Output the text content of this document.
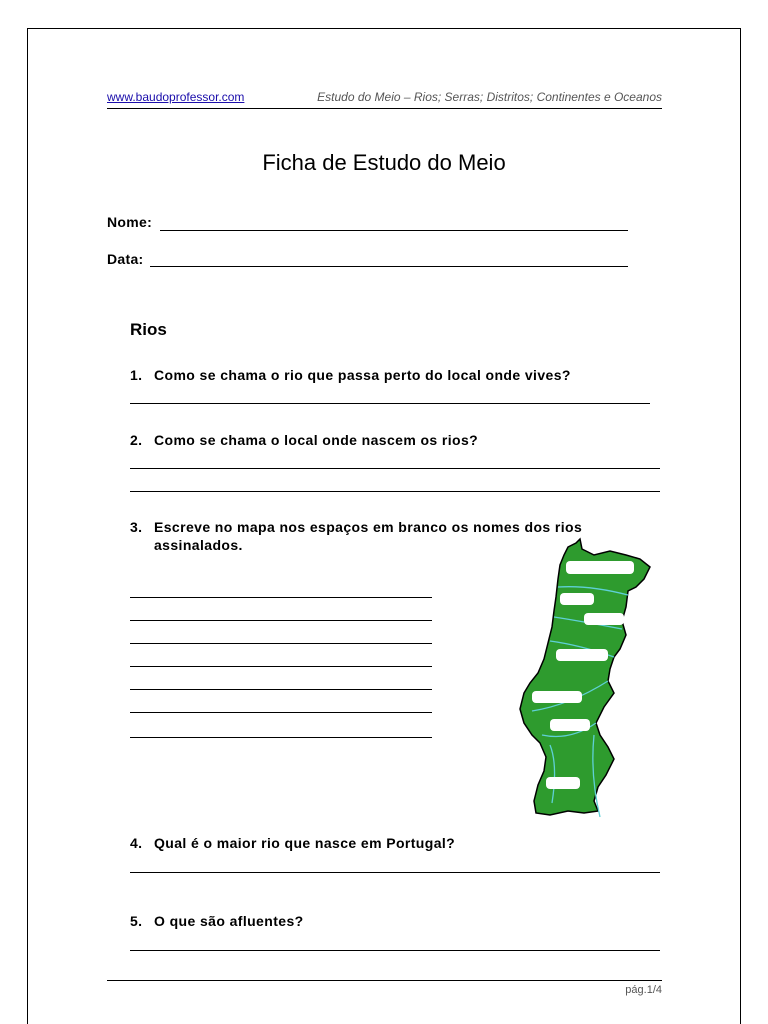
www.baudoprofessor.com	Estudo do Meio – Rios; Serras; Distritos; Continentes e Oceanos
Ficha de Estudo do Meio
Nome:
Data:
Rios
1. Como se chama o rio que passa perto do local onde vives?
2. Como se chama o local onde nascem os rios?
3. Escreve no mapa nos espaços em branco os nomes dos rios assinalados.
4. Qual é o maior rio que nasce em Portugal?
5. O que são afluentes?
pág.1/4
